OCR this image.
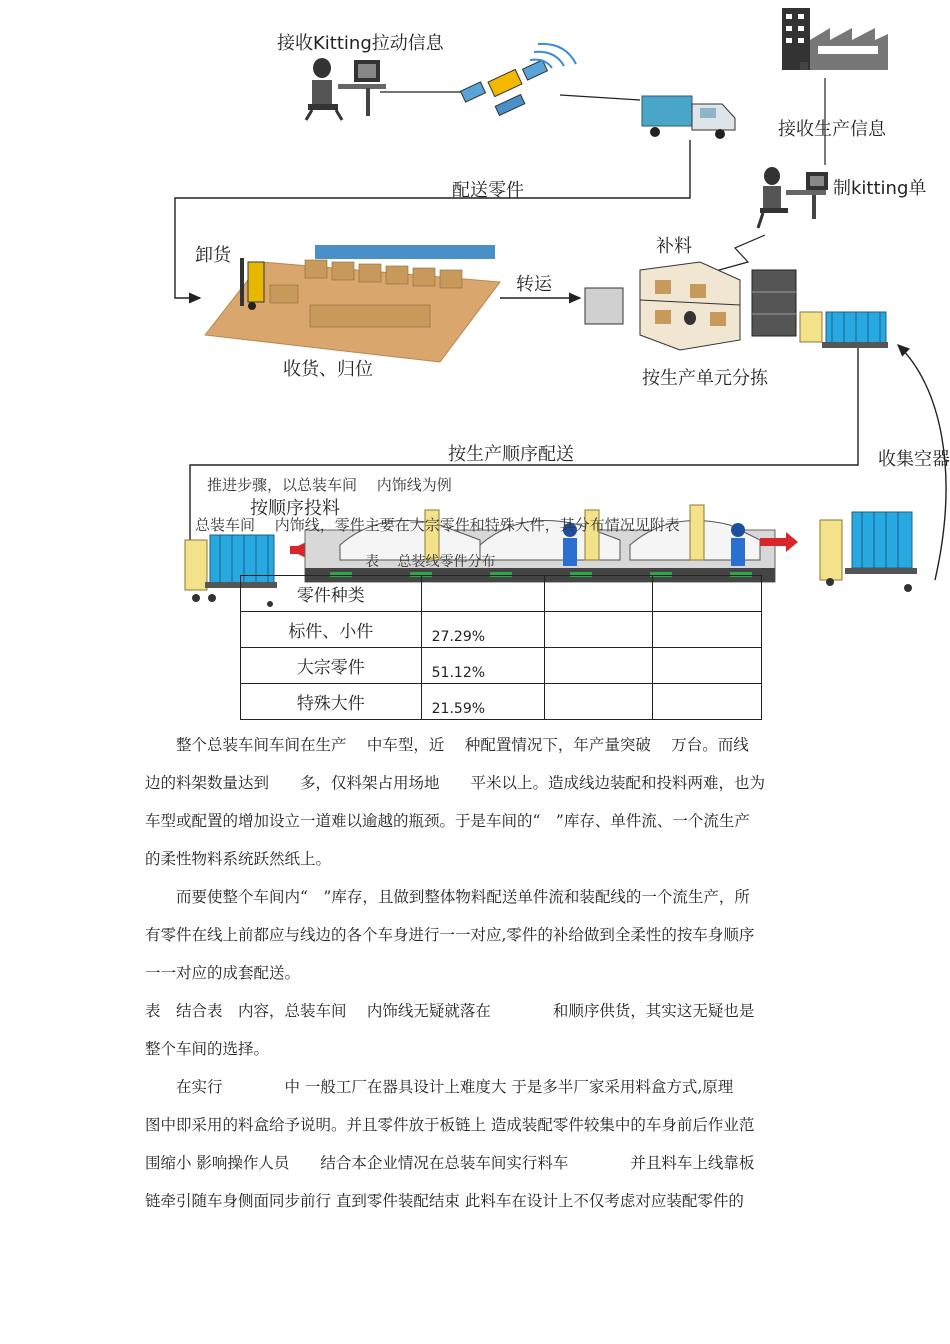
接收Kitting拉动信息
接收生产信息
制kitting单
配送零件
卸货
转运
补料
收货、归位	按生产单元分拣
按生产顺序配送	收集空器
按顺序投料
推进步骤，以总装车间　 内饰线为例
总装车间　 内饰线，零件主要在大宗零件和特殊大件，其分布情况见附表
表　 总装线零件分布
零件种类			
标件、小件	27.29%		
大宗零件	51.12%		
特殊大件	21.59%		
　　整个总装车间车间在生产　 中车型，近　 种配置情况下，年产量突破　 万台。而线
边的料架数量达到　　多，仅料架占用场地　　平米以上。造成线边装配和投料两难，也为
车型或配置的增加设立一道难以逾越的瓶颈。于是车间的“　”库存、单件流、一个流生产
的柔性物料系统跃然纸上。
　　而要使整个车间内“　”库存，且做到整体物料配送单件流和装配线的一个流生产，所
有零件在线上前都应与线边的各个车身进行一一对应,零件的补给做到全柔性的按车身顺序
一一对应的成套配送。
表　结合表　内容，总装车间　 内饰线无疑就落在　　　　和顺序供货，其实这无疑也是
整个车间的选择。
　　在实行　　　　中 一般工厂在器具设计上难度大 于是多半厂家采用料盒方式,原理
图中即采用的料盒给予说明。并且零件放于板链上 造成装配零件较集中的车身前后作业范
围缩小 影响操作人员　　结合本企业情况在总装车间实行料车　　　　并且料车上线靠板
链牵引随车身侧面同步前行 直到零件装配结束 此料车在设计上不仅考虑对应装配零件的
